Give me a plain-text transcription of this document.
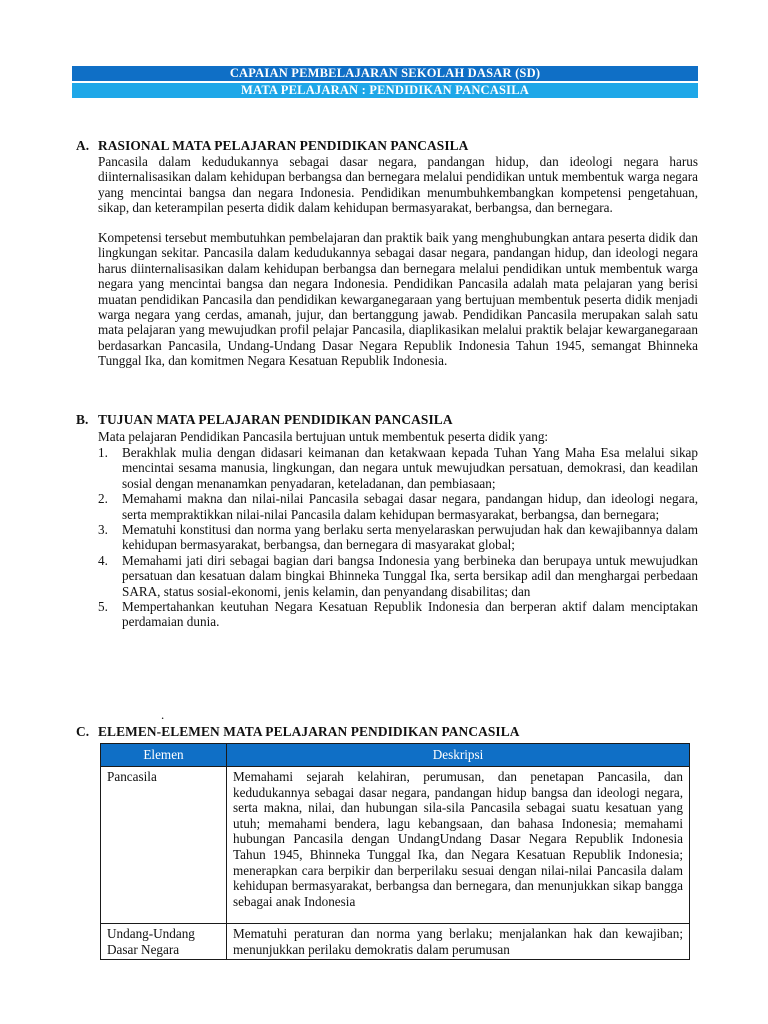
CAPAIAN PEMBELAJARAN SEKOLAH DASAR (SD)
MATA PELAJARAN : PENDIDIKAN PANCASILA
A. RASIONAL MATA PELAJARAN PENDIDIKAN PANCASILA

Pancasila dalam kedudukannya sebagai dasar negara, pandangan hidup, dan ideologi negara harus diinternalisasikan dalam kehidupan berbangsa dan bernegara melalui pendidikan untuk membentuk warga negara yang mencintai bangsa dan negara Indonesia. Pendidikan menumbuhkembangkan kompetensi pengetahuan, sikap, dan keterampilan peserta didik dalam kehidupan bermasyarakat, berbangsa, dan bernegara.

Kompetensi tersebut membutuhkan pembelajaran dan praktik baik yang menghubungkan antara peserta didik dan lingkungan sekitar. Pancasila dalam kedudukannya sebagai dasar negara, pandangan hidup, dan ideologi negara harus diinternalisasikan dalam kehidupan berbangsa dan bernegara melalui pendidikan untuk membentuk warga negara yang mencintai bangsa dan negara Indonesia. Pendidikan Pancasila adalah mata pelajaran yang berisi muatan pendidikan Pancasila dan pendidikan kewarganegaraan yang bertujuan membentuk peserta didik menjadi warga negara yang cerdas, amanah, jujur, dan bertanggung jawab. Pendidikan Pancasila merupakan salah satu mata pelajaran yang mewujudkan profil pelajar Pancasila, diaplikasikan melalui praktik belajar kewarganegaraan berdasarkan Pancasila, Undang-Undang Dasar Negara Republik Indonesia Tahun 1945, semangat Bhinneka Tunggal Ika, dan komitmen Negara Kesatuan Republik Indonesia.

B. TUJUAN MATA PELAJARAN PENDIDIKAN PANCASILA

Mata pelajaran Pendidikan Pancasila bertujuan untuk membentuk peserta didik yang:

1. Berakhlak mulia dengan didasari keimanan dan ketakwaan kepada Tuhan Yang Maha Esa melalui sikap mencintai sesama manusia, lingkungan, dan negara untuk mewujudkan persatuan, demokrasi, dan keadilan sosial dengan menanamkan penyadaran, keteladanan, dan pembiasaan;
2. Memahami makna dan nilai-nilai Pancasila sebagai dasar negara, pandangan hidup, dan ideologi negara, serta mempraktikkan nilai-nilai Pancasila dalam kehidupan bermasyarakat, berbangsa, dan bernegara;
3. Mematuhi konstitusi dan norma yang berlaku serta menyelaraskan perwujudan hak dan kewajibannya dalam kehidupan bermasyarakat, berbangsa, dan bernegara di masyarakat global;
4. Memahami jati diri sebagai bagian dari bangsa Indonesia yang berbineka dan berupaya untuk mewujudkan persatuan dan kesatuan dalam bingkai Bhinneka Tunggal Ika, serta bersikap adil dan menghargai perbedaan SARA, status sosial-ekonomi, jenis kelamin, dan penyandang disabilitas; dan
5. Mempertahankan keutuhan Negara Kesatuan Republik Indonesia dan berperan aktif dalam menciptakan perdamaian dunia.
.
C. ELEMEN-ELEMEN MATA PELAJARAN PENDIDIKAN PANCASILA
Elemen	Deskripsi
Pancasila	Memahami sejarah kelahiran, perumusan, dan penetapan Pancasila, dan kedudukannya sebagai dasar negara, pandangan hidup bangsa dan ideologi negara, serta makna, nilai, dan hubungan sila-sila Pancasila sebagai suatu kesatuan yang utuh; memahami bendera, lagu kebangsaan, dan bahasa Indonesia; memahami hubungan Pancasila dengan UndangUndang Dasar Negara Republik Indonesia Tahun 1945, Bhinneka Tunggal Ika, dan Negara Kesatuan Republik Indonesia; menerapkan cara berpikir dan berperilaku sesuai dengan nilai-nilai Pancasila dalam kehidupan bermasyarakat, berbangsa dan bernegara, dan menunjukkan sikap bangga sebagai anak Indonesia
Undang-Undang Dasar Negara	Mematuhi peraturan dan norma yang berlaku; menjalankan hak dan kewajiban; menunjukkan perilaku demokratis dalam perumusan
